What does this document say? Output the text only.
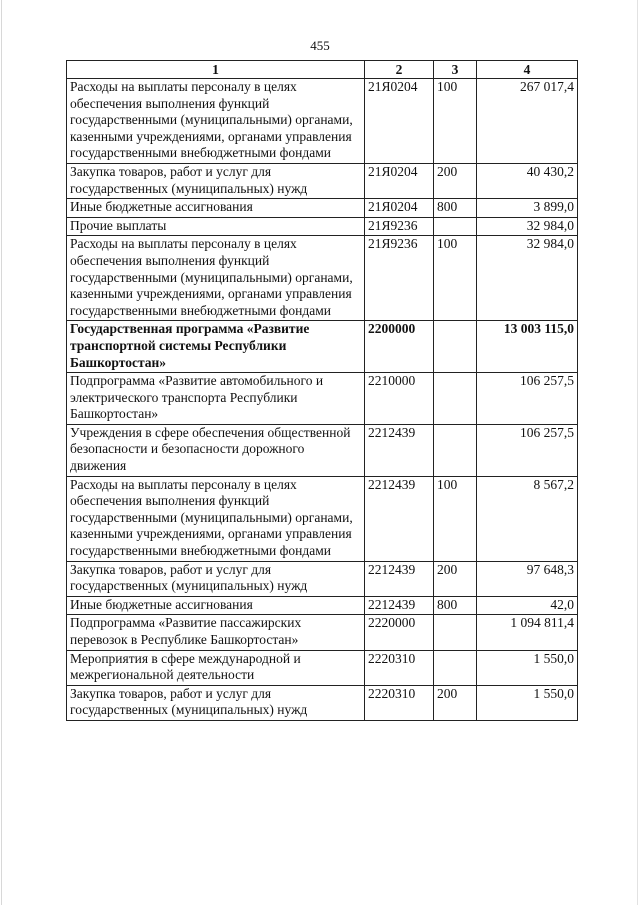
455
1	2	3	4
Расходы на выплаты персоналу в целях обеспечения выполнения функций государственными (муниципальными) органами, казенными учреждениями, органами управления государственными внебюджетными фондами	21Я0204	100	267 017,4
Закупка товаров, работ и услуг для государственных (муниципальных) нужд	21Я0204	200	40 430,2
Иные бюджетные ассигнования	21Я0204	800	3 899,0
Прочие выплаты	21Я9236		32 984,0
Расходы на выплаты персоналу в целях обеспечения выполнения функций государственными (муниципальными) органами, казенными учреждениями, органами управления государственными внебюджетными фондами	21Я9236	100	32 984,0
Государственная программа «Развитие транспортной системы Республики Башкортостан»	2200000		13 003 115,0
Подпрограмма «Развитие автомобильного и электрического транспорта Республики Башкортостан»	2210000		106 257,5
Учреждения в сфере обеспечения общественной безопасности и безопасности дорожного движения	2212439		106 257,5
Расходы на выплаты персоналу в целях обеспечения выполнения функций государственными (муниципальными) органами, казенными учреждениями, органами управления государственными внебюджетными фондами	2212439	100	8 567,2
Закупка товаров, работ и услуг для государственных (муниципальных) нужд	2212439	200	97 648,3
Иные бюджетные ассигнования	2212439	800	42,0
Подпрограмма «Развитие пассажирских перевозок в Республике Башкортостан»	2220000		1 094 811,4
Мероприятия в сфере международной и межрегиональной деятельности	2220310		1 550,0
Закупка товаров, работ и услуг для государственных (муниципальных) нужд	2220310	200	1 550,0
